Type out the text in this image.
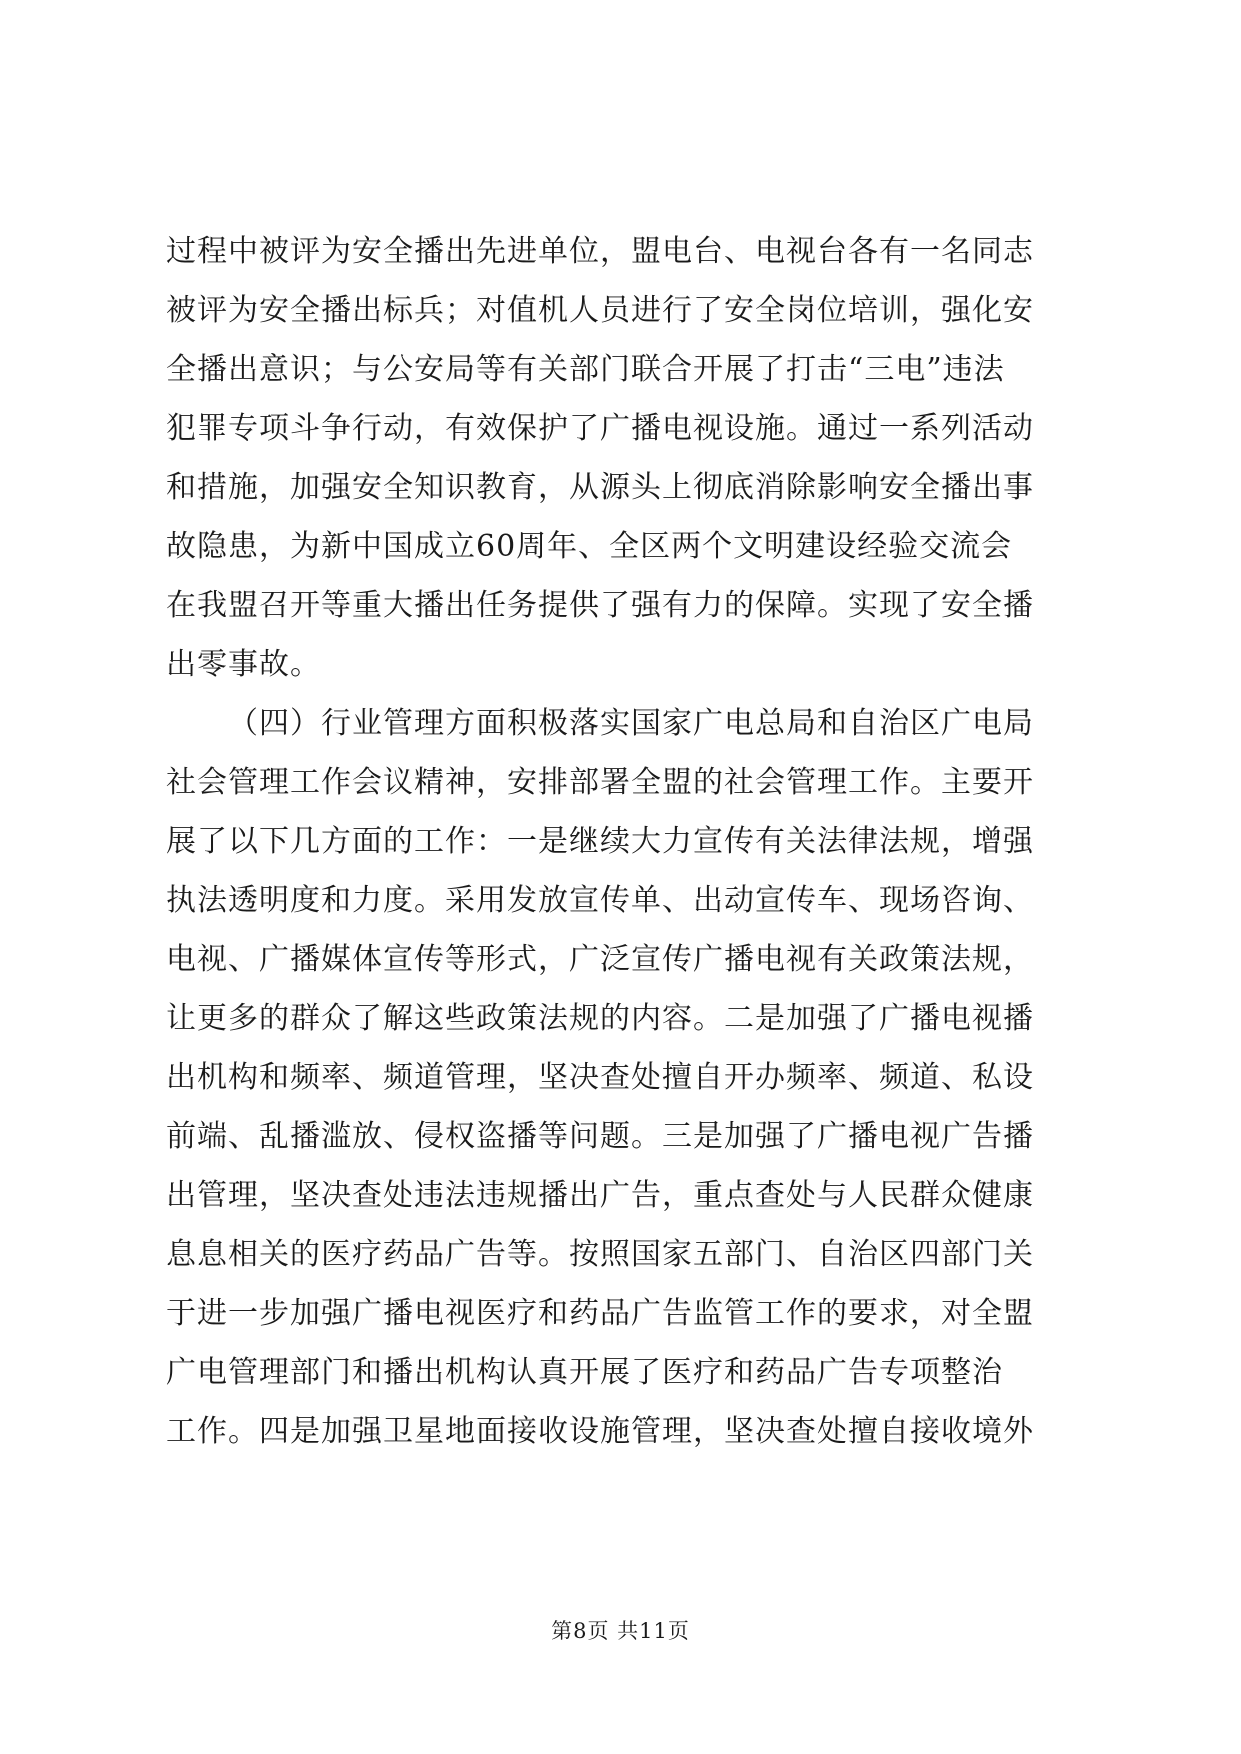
过程中被评为安全播出先进单位，盟电台、电视台各有一名同志
被评为安全播出标兵；对值机人员进行了安全岗位培训，强化安
全播出意识；与公安局等有关部门联合开展了打击“三电”违法
犯罪专项斗争行动，有效保护了广播电视设施。通过一系列活动
和措施，加强安全知识教育，从源头上彻底消除影响安全播出事
故隐患，为新中国成立60周年、全区两个文明建设经验交流会
在我盟召开等重大播出任务提供了强有力的保障。实现了安全播
出零事故。
（四）行业管理方面积极落实国家广电总局和自治区广电局
社会管理工作会议精神，安排部署全盟的社会管理工作。主要开
展了以下几方面的工作：一是继续大力宣传有关法律法规，增强
执法透明度和力度。采用发放宣传单、出动宣传车、现场咨询、
电视、广播媒体宣传等形式，广泛宣传广播电视有关政策法规，
让更多的群众了解这些政策法规的内容。二是加强了广播电视播
出机构和频率、频道管理，坚决查处擅自开办频率、频道、私设
前端、乱播滥放、侵权盗播等问题。三是加强了广播电视广告播
出管理，坚决查处违法违规播出广告，重点查处与人民群众健康
息息相关的医疗药品广告等。按照国家五部门、自治区四部门关
于进一步加强广播电视医疗和药品广告监管工作的要求，对全盟
广电管理部门和播出机构认真开展了医疗和药品广告专项整治
工作。四是加强卫星地面接收设施管理，坚决查处擅自接收境外
第8页 共11页
